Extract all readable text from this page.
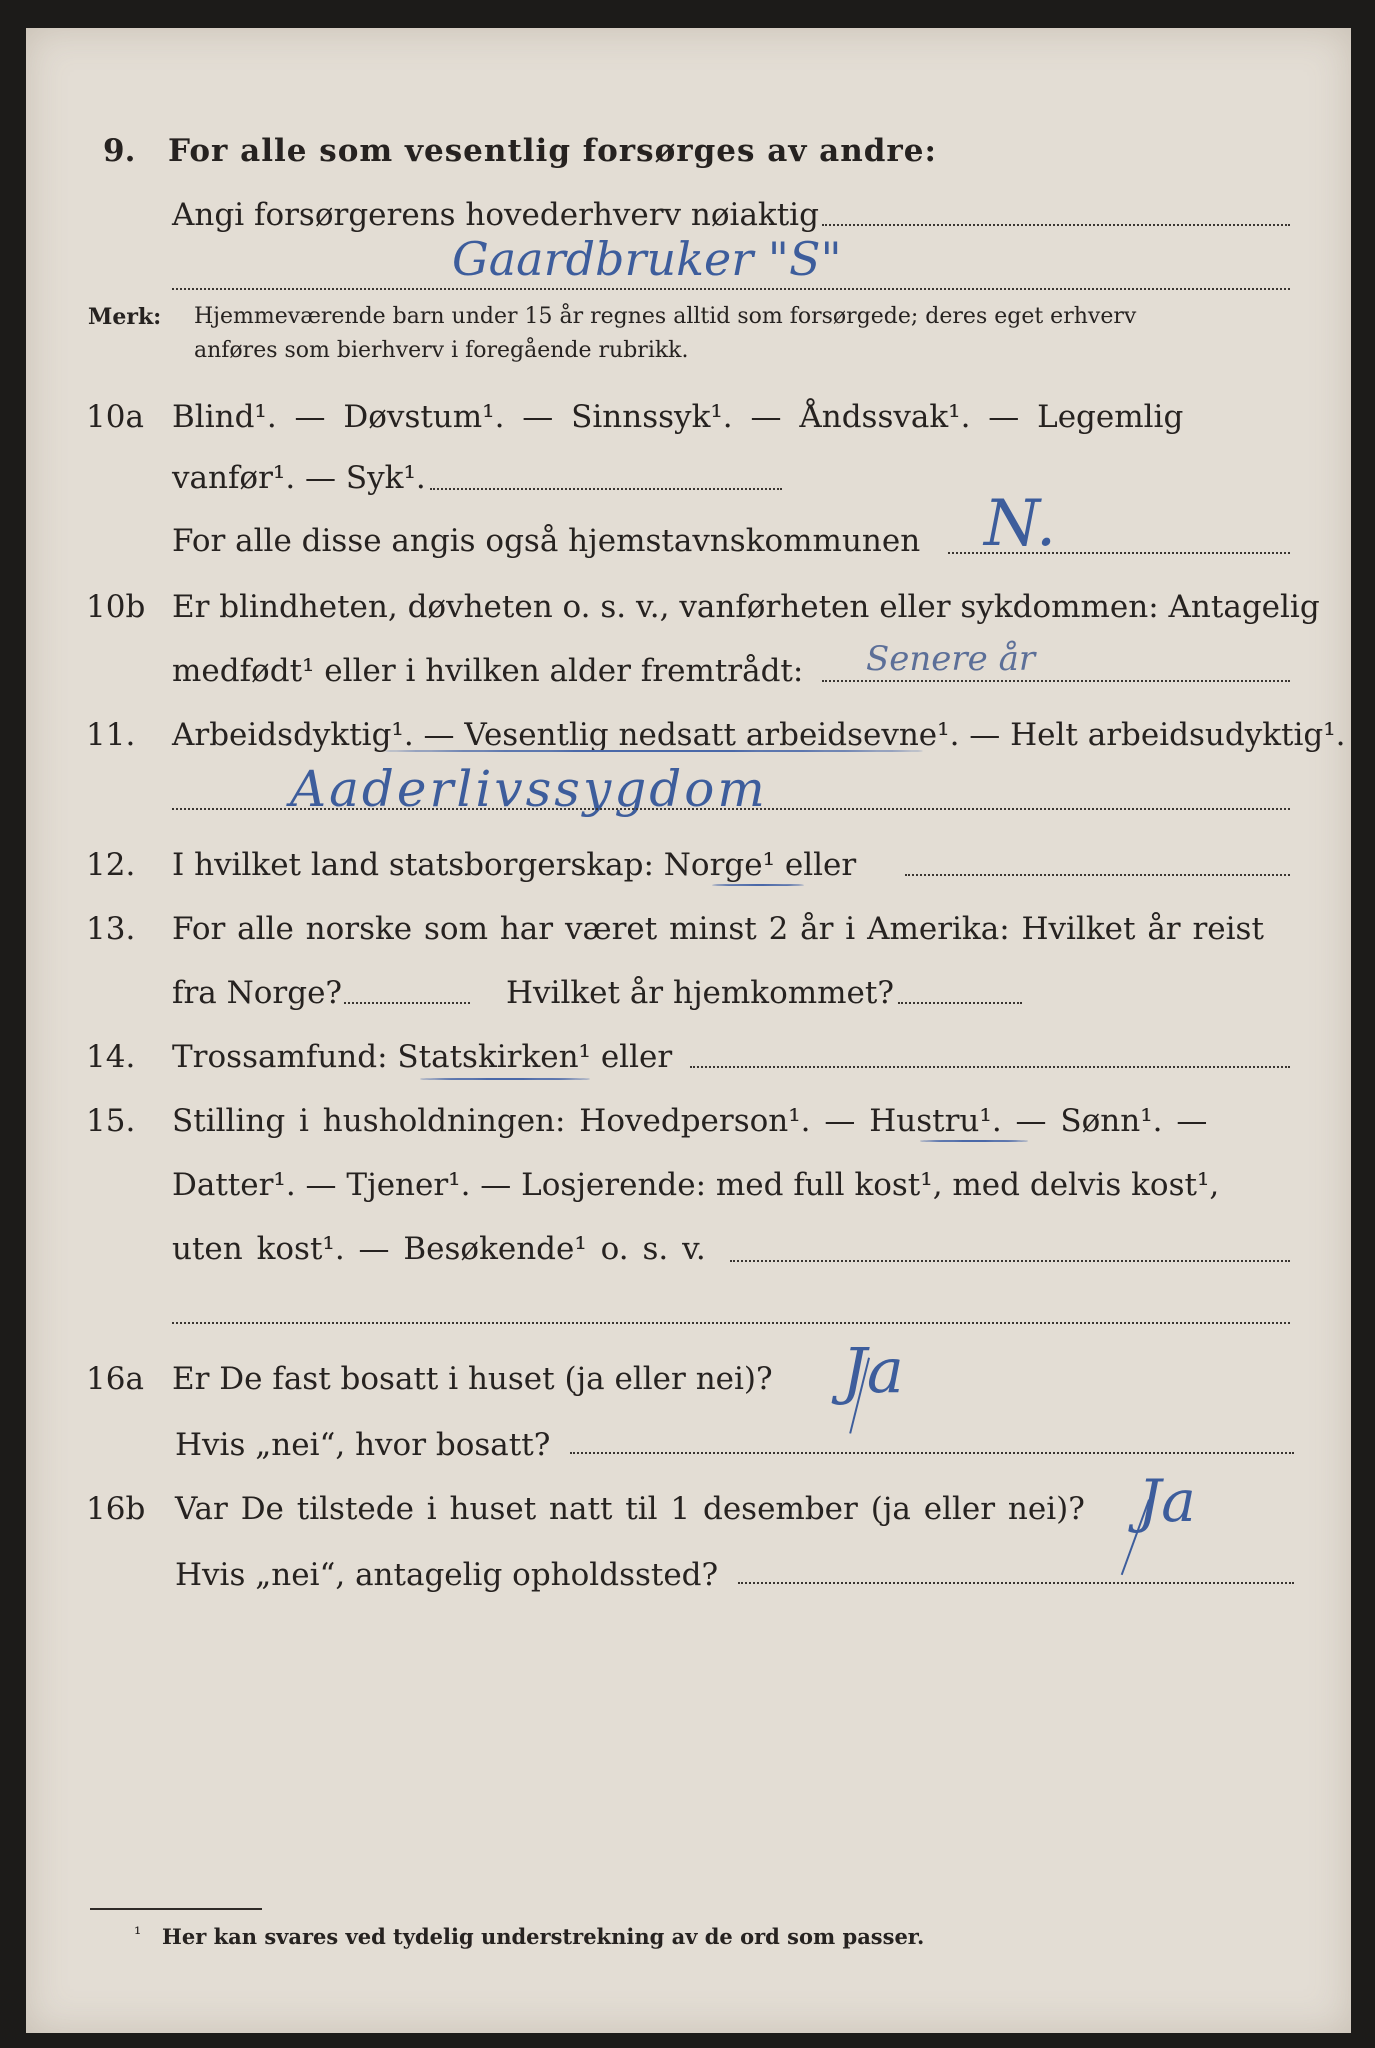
9. For alle som vesentlig forsørges av andre:
Angi forsørgerens hovederhverv nøiaktig
Gaardbruker "S"
Merk: Hjemmeværende barn under 15 år regnes alltid som forsørgede; deres eget erhverv
anføres som bierhverv i foregående rubrikk.
10a Blind¹. — Døvstum¹. — Sinnssyk¹. — Åndssvak¹. — Legemlig
vanfør¹. — Syk¹.
For alle disse angis også hjemstavnskommunen N.
10b Er blindheten, døvheten o. s. v., vanførheten eller sykdommen: Antagelig
medfødt¹ eller i hvilken alder fremtrådt: Senere år
11. Arbeidsdyktig¹. — Vesentlig nedsatt arbeidsevne¹. — Helt arbeidsudyktig¹.
Aaderlivssygdom
12. I hvilket land statsborgerskap: Norge¹ eller
13. For alle norske som har været minst 2 år i Amerika: Hvilket år reist
fra Norge?	Hvilket år hjemkommet?
14. Trossamfund: Statskirken¹ eller
15. Stilling i husholdningen: Hovedperson¹. — Hustru¹. — Sønn¹. —
Datter¹. — Tjener¹. — Losjerende: med full kost¹, med delvis kost¹,
uten kost¹. — Besøkende¹ o. s. v.
16a Er De fast bosatt i huset (ja eller nei)? Ja
Hvis „nei“, hvor bosatt?
16b Var De tilstede i huset natt til 1 desember (ja eller nei)? Ja
Hvis „nei“, antagelig opholdssted?
¹ Her kan svares ved tydelig understrekning av de ord som passer.
